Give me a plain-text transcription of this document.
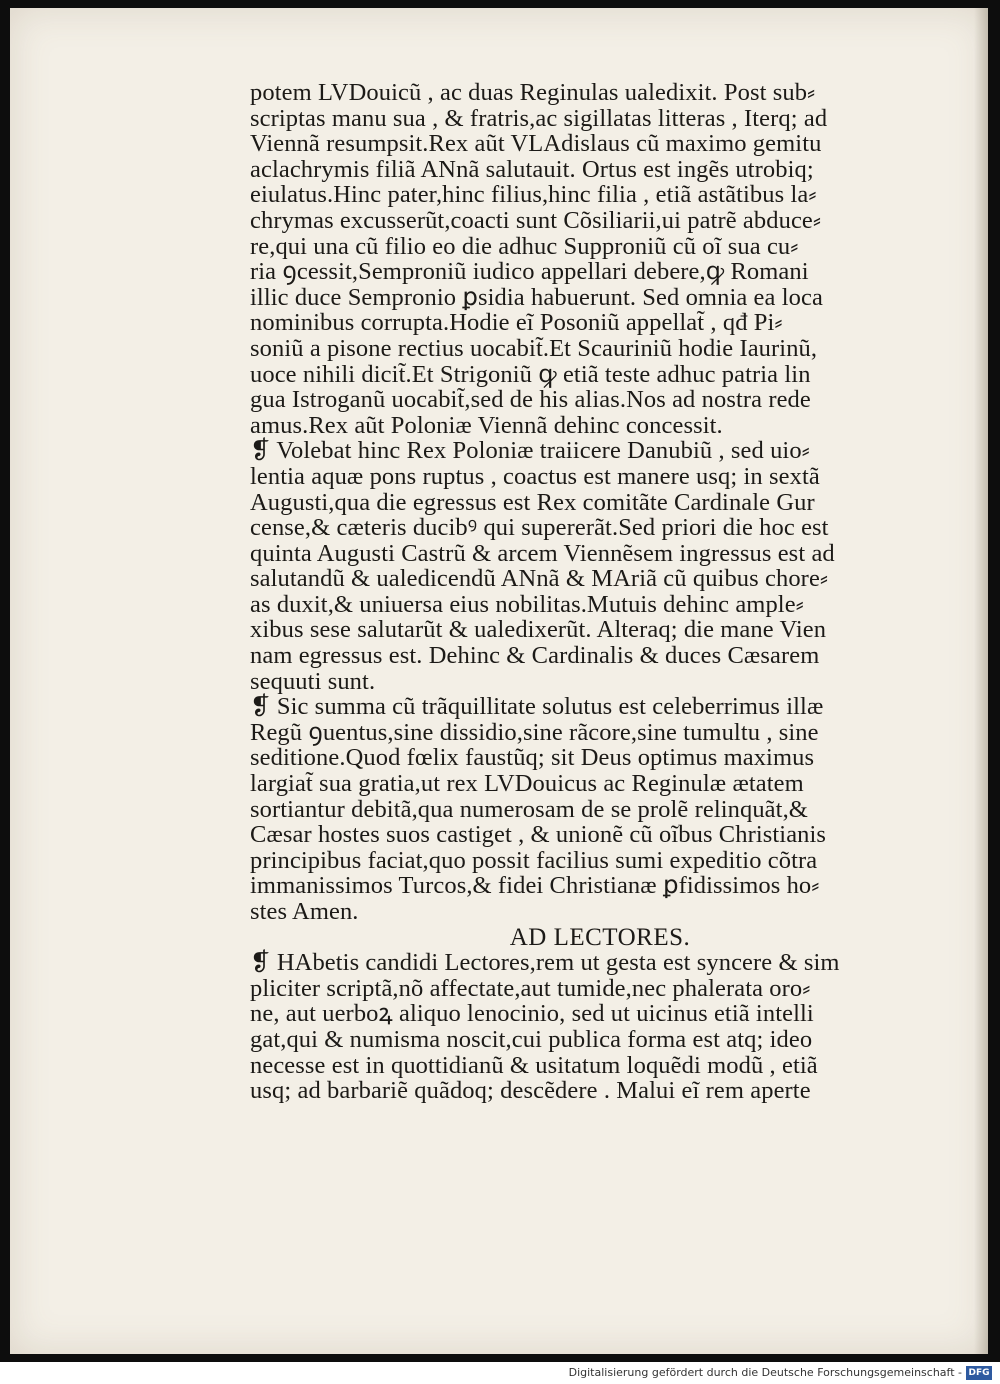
potem LVDouicũ , ac duas Reginulas ualedixit. Post sub⸗
scriptas manu sua , & fratris,ac sigillatas litteras , Iterq; ad
Viennã resumpsit.Rex aũt VLAdislaus cũ maximo gemitu
aclachrymis filiã ANnã salutauit. Ortus est ingẽs utrobiq;
eiulatus.Hinc pater,hinc filius,hinc filia , etiã astãtibus la⸗
chrymas excusserũt,coacti sunt Cõsiliarii,ui patrẽ abduce⸗
re,qui una cũ filio eo die adhuc Supproniũ cũ oĩ sua cu⸗
ria ꝯcessit,Semproniũ iudico appellari debere,ꝙ Romani
illic duce Sempronio ꝑsidia habuerunt. Sed omnia ea loca
nominibus corrupta.Hodie eĩ Posoniũ appellat̃ , qđ Pi⸗
soniũ a pisone rectius uocabit̃.Et Scauriniũ hodie Iaurinũ,
uoce nihili dicit̃.Et Strigoniũ ꝙ etiã teste adhuc patria lin
gua Istroganũ uocabit̃,sed de his alias.Nos ad nostra rede
amus.Rex aũt Poloniæ Viennã dehinc concessit.
❡ Volebat hinc Rex Poloniæ traiicere Danubiũ , sed uio⸗
lentia aquæ pons ruptus , coactus est manere usq; in sextã
Augusti,qua die egressus est Rex comitãte Cardinale Gur
cense,& cæteris ducibꝰ qui supererãt.Sed priori die hoc est
quinta Augusti Castrũ & arcem Viennẽsem ingressus est ad
salutandũ & ualedicendũ ANnã & MAriã cũ quibus chore⸗
as duxit,& uniuersa eius nobilitas.Mutuis dehinc ample⸗
xibus sese salutarũt & ualedixerũt. Alteraq; die mane Vien
nam egressus est. Dehinc & Cardinalis & duces Cæsarem
sequuti sunt.
❡ Sic summa cũ trãquillitate solutus est celeberrimus illæ
Regũ ꝯuentus,sine dissidio,sine rãcore,sine tumultu , sine
seditione.Quod fœlix faustũq; sit Deus optimus maximus
largiat̃ sua gratia,ut rex LVDouicus ac Reginulæ ætatem
sortiantur debitã,qua numerosam de se prolẽ relinquãt,&
Cæsar hostes suos castiget , & unionẽ cũ oĩbus Christianis
principibus faciat,quo possit facilius sumi expeditio cõtra
immanissimos Turcos,& fidei Christianæ ꝑfidissimos ho⸗
stes Amen.
AD LECTORES.
❡ HAbetis candidi Lectores,rem ut gesta est syncere & sim
pliciter scriptã,nõ affectate,aut tumide,nec phalerata oro⸗
ne, aut uerboꝝ aliquo lenocinio, sed ut uicinus etiã intelli
gat,qui & numisma noscit,cui publica forma est atq; ideo
necesse est in quottidianũ & usitatum loquẽdi modũ , etiã
usq; ad barbariẽ quãdoq; descẽdere . Malui eĩ rem aperte
Digitalisierung gefördert durch die Deutsche Forschungsgemeinschaft - DFG
